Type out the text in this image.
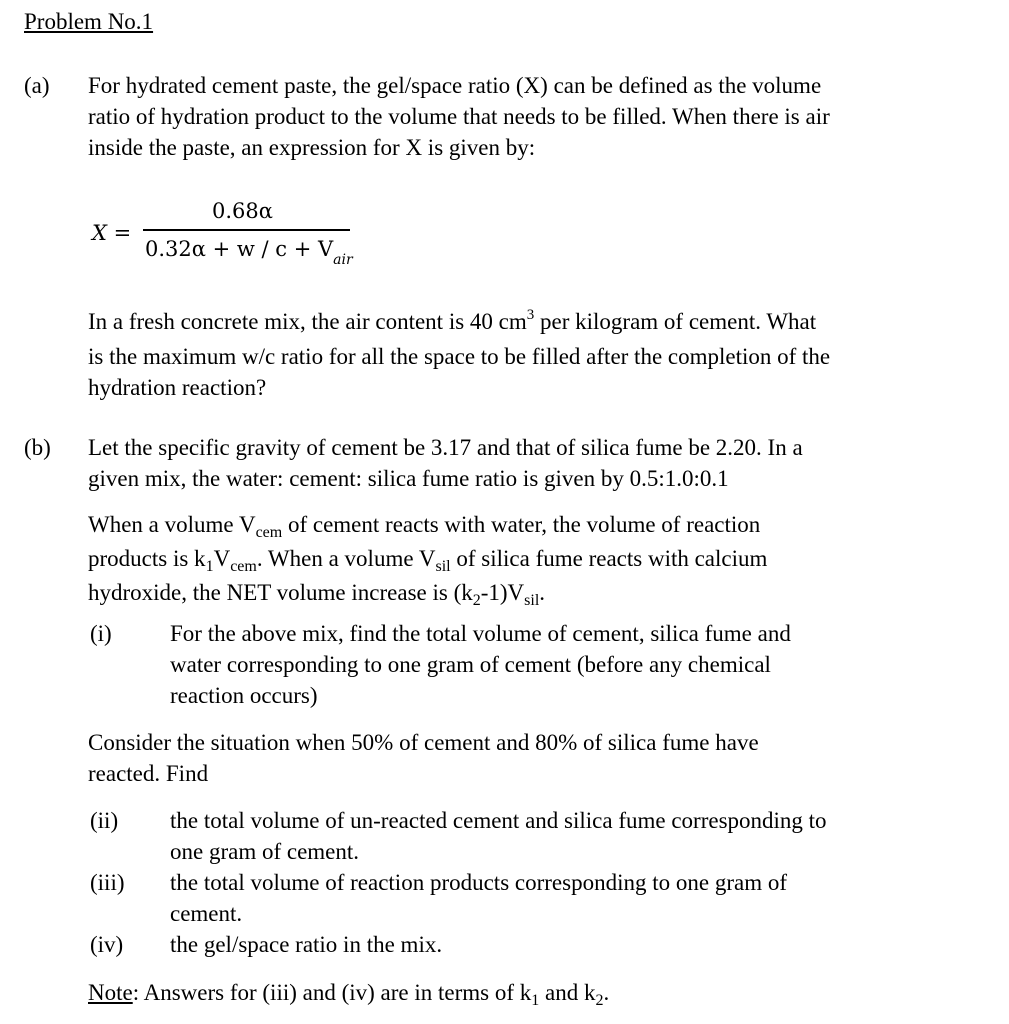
Problem No.1
(a)	For hydrated cement paste, the gel/space ratio (X) can be defined as the volume
ratio of hydration product to the volume that needs to be filled. When there is air
inside the paste, an expression for X is given by:
X =
0.68α
$0.32\alpha + w / c + V_{air}$
In a fresh concrete mix, the air content is 40 $cm^3$ per kilogram of cement. What
is the maximum w/c ratio for all the space to be filled after the completion of the
hydration reaction?
(b)	Let the specific gravity of cement be 3.17 and that of silica fume be 2.20. In a
given mix, the water: cement: silica fume ratio is given by 0.5:1.0:0.1
When a volume $V_{cem}$ of cement reacts with water, the volume of reaction
products is $k_1V_{cem}$. When a volume $V_{sil}$ of silica fume reacts with calcium
hydroxide, the NET volume increase is $(k_2-1)V_{sil}$.
(i)	For the above mix, find the total volume of cement, silica fume and
water corresponding to one gram of cement (before any chemical
reaction occurs)
Consider the situation when 50% of cement and 80% of silica fume have
reacted. Find
(ii) the total volume of un-reacted cement and silica fume corresponding to
one gram of cement.
(iii) the total volume of reaction products corresponding to one gram of
cement.
(iv) the gel/space ratio in the mix.
Note: Answers for (iii) and (iv) are in terms of $k_1$ and $k_2$.
